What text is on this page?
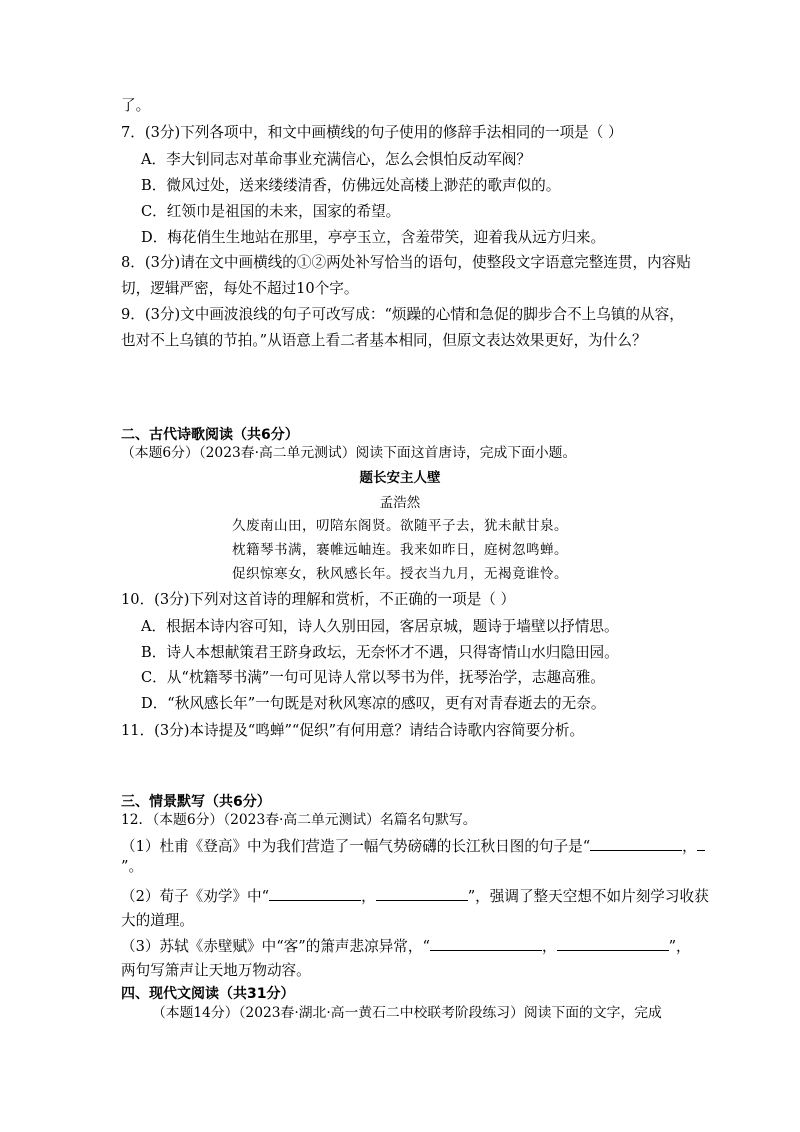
了。
7．(3分)下列各项中，和文中画横线的句子使用的修辞手法相同的一项是（ ）
A．李大钊同志对革命事业充满信心，怎么会惧怕反动军阀？
B．微风过处，送来缕缕清香，仿佛远处高楼上渺茫的歌声似的。
C．红领巾是祖国的未来，国家的希望。
D．梅花俏生生地站在那里，亭亭玉立，含羞带笑，迎着我从远方归来。
8．(3分)请在文中画横线的①②两处补写恰当的语句，使整段文字语意完整连贯，内容贴
切，逻辑严密，每处不超过10个字。
9．(3分)文中画波浪线的句子可改写成：“烦躁的心情和急促的脚步合不上乌镇的从容，
也对不上乌镇的节拍。”从语意上看二者基本相同，但原文表达效果更好，为什么？
二、古代诗歌阅读（共6分）
（本题6分）（2023春·高二单元测试）阅读下面这首唐诗，完成下面小题。
题长安主人壁
孟浩然
久废南山田，叨陪东阁贤。欲随平子去，犹未献甘泉。
枕籍琴书满，褰帷远岫连。我来如昨日，庭树忽鸣蝉。
促织惊寒女，秋风感长年。授衣当九月，无褐竟谁怜。
10．(3分)下列对这首诗的理解和赏析，不正确的一项是（ ）
A．根据本诗内容可知，诗人久别田园，客居京城，题诗于墙壁以抒情思。
B．诗人本想献策君王跻身政坛，无奈怀才不遇，只得寄情山水归隐田园。
C．从“枕籍琴书满”一句可见诗人常以琴书为伴，抚琴治学，志趣高雅。
D．“秋风感长年”一句既是对秋风寒凉的感叹，更有对青春逝去的无奈。
11．(3分)本诗提及“鸣蝉”“促织”有何用意？请结合诗歌内容简要分析。
三、情景默写（共6分）
12．（本题6分）（2023春·高二单元测试）名篇名句默写。
（1）杜甫《登高》中为我们营造了一幅气势磅礴的长江秋日图的句子是“	，
”。
（2）荀子《劝学》中“	，	”，强调了整天空想不如片刻学习收获
大的道理。
（3）苏轼《赤壁赋》中“客”的箫声悲凉异常，“	，	”，
两句写箫声让天地万物动容。
四、现代文阅读（共31分）
（本题14分）（2023春·湖北·高一黄石二中校联考阶段练习）阅读下面的文字，完成
